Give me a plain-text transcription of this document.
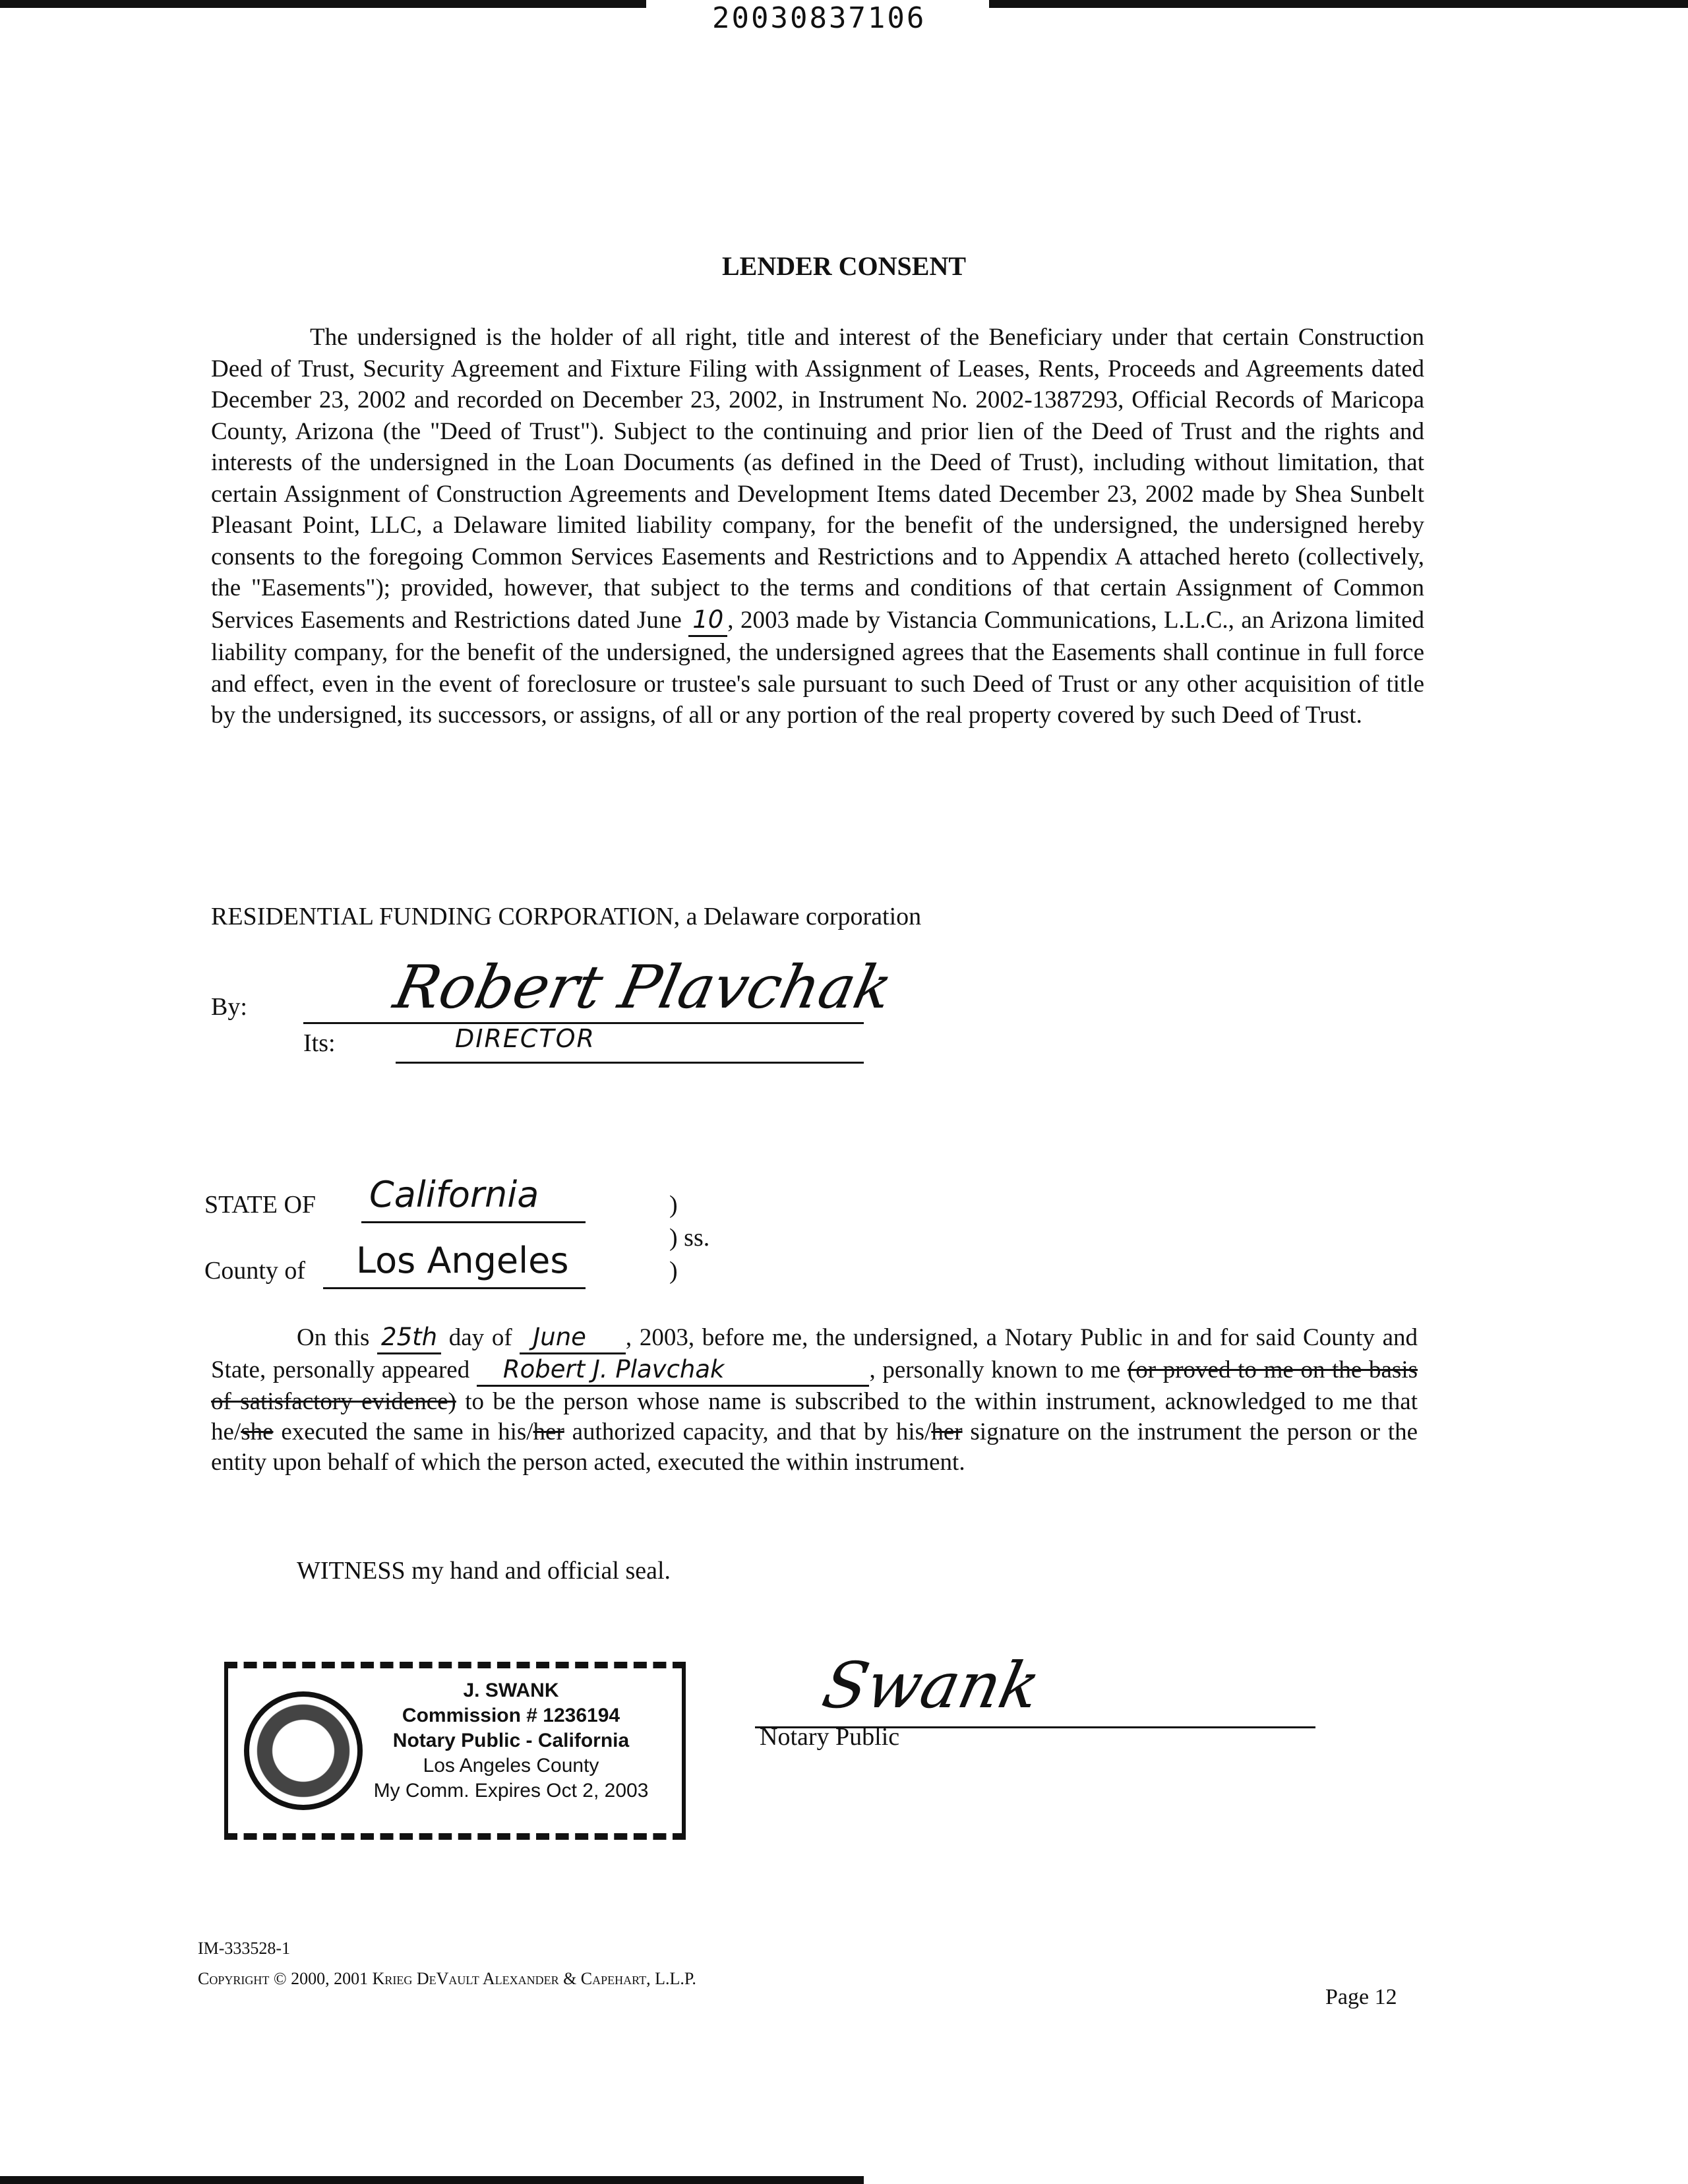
20030837106
LENDER CONSENT
The undersigned is the holder of all right, title and interest of the Beneficiary under that certain Construction Deed of Trust, Security Agreement and Fixture Filing with Assignment of Leases, Rents, Proceeds and Agreements dated December 23, 2002 and recorded on December 23, 2002, in Instrument No. 2002-1387293, Official Records of Maricopa County, Arizona (the "Deed of Trust"). Subject to the continuing and prior lien of the Deed of Trust and the rights and interests of the undersigned in the Loan Documents (as defined in the Deed of Trust), including without limitation, that certain Assignment of Construction Agreements and Development Items dated December 23, 2002 made by Shea Sunbelt Pleasant Point, LLC, a Delaware limited liability company, for the benefit of the undersigned, the undersigned hereby consents to the foregoing Common Services Easements and Restrictions and to Appendix A attached hereto (collectively, the "Easements"); provided, however, that subject to the terms and conditions of that certain Assignment of Common Services Easements and Restrictions dated June 10 , 2003 made by Vistancia Communications, L.L.C., an Arizona limited liability company, for the benefit of the undersigned, the undersigned agrees that the Easements shall continue in full force and effect, even in the event of foreclosure or trustee's sale pursuant to such Deed of Trust or any other acquisition of title by the undersigned, its successors, or assigns, of all or any portion of the real property covered by such Deed of Trust.
RESIDENTIAL FUNDING CORPORATION, a Delaware corporation
Robert Plavchak
By:
Its:	DIRECTOR
STATE OF California	)
) ss.
)
County of Los Angeles
On this 25th day of June , 2003, before me, the undersigned, a Notary Public in and for said County and State, personally appeared Robert J. Plavchak	, personally known to me (or proved to me on the basis of satisfactory evidence) to be the person whose name is subscribed to the within instrument, acknowledged to me that he/she executed the same in his/her authorized capacity, and that by his/her signature on the instrument the person or the entity upon behalf of which the person acted, executed the within instrument.
WITNESS my hand and official seal.
J. SWANK
Commission # 1236194
Notary Public - California
Los Angeles County
My Comm. Expires Oct 2, 2003
Swank
Notary Public
IM-333528-1
Copyright © 2000, 2001 Krieg DeVault Alexander & Capehart, L.L.P.
Page 12
